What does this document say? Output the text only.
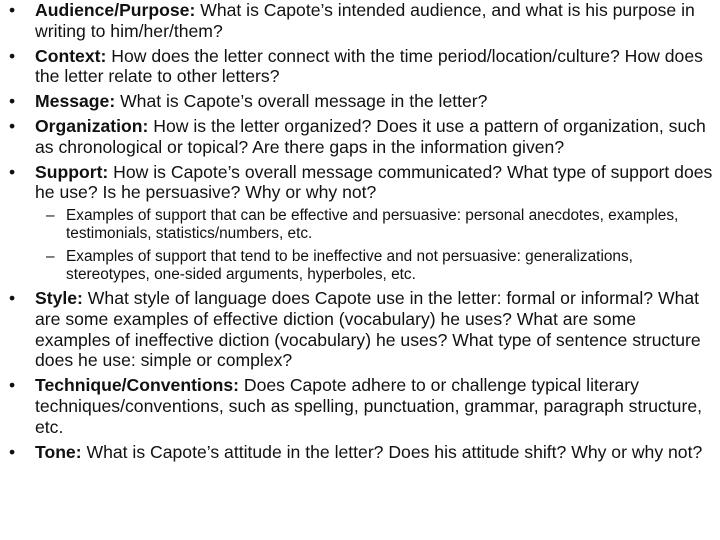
•	Audience/Purpose: What is Capote’s intended audience, and what is his purpose in writing to him/her/them?
•	Context: How does the letter connect with the time period/location/culture? How does the letter relate to other letters?
•	Message: What is Capote’s overall message in the letter?
•	Organization: How is the letter organized? Does it use a pattern of organization, such as chronological or topical? Are there gaps in the information given?
•	Support: How is Capote’s overall message communicated? What type of support does he use? Is he persuasive? Why or why not?
– Examples of support that can be effective and persuasive: personal anecdotes, examples, testimonials, statistics/numbers, etc.
– Examples of support that tend to be ineffective and not persuasive: generalizations, stereotypes, one-sided arguments, hyperboles, etc.
•	Style: What style of language does Capote use in the letter: formal or informal? What are some examples of effective diction (vocabulary) he uses? What are some examples of ineffective diction (vocabulary) he uses? What type of sentence structure does he use: simple or complex?
•	Technique/Conventions: Does Capote adhere to or challenge typical literary techniques/conventions, such as spelling, punctuation, grammar, paragraph structure, etc.
•	Tone: What is Capote’s attitude in the letter? Does his attitude shift? Why or why not?
